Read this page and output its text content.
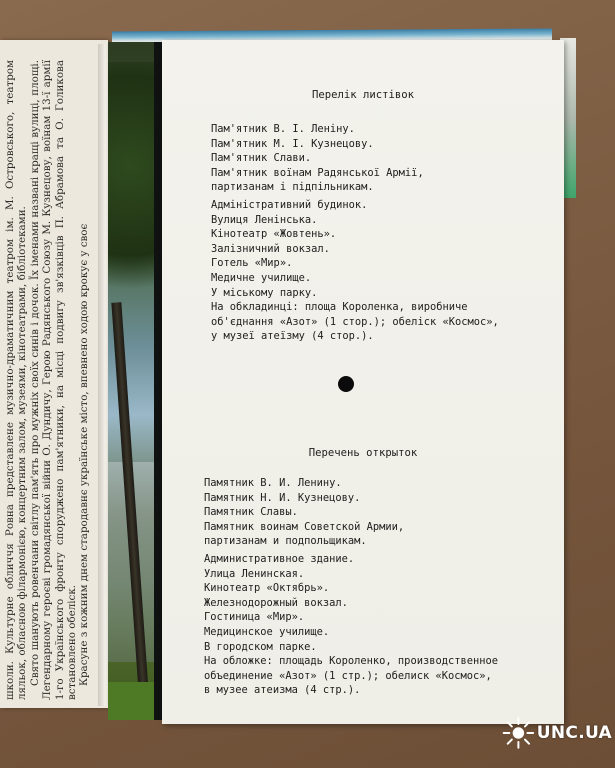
школи. Культурне обличчя Ровна представлене музично-драматичним театром ім. М. Островського, театром ляльок, обласною філармонією, концертним залом, музеями, кінотеатрами, бібліотеками. Свято шанують ровенчани світлу пам'ять про мужніх своїх синів і дочок. Їх іменами названі кращі вулиці, площі. Легендарному героєві громадянської війни О. Дундичу, Герою Радянського Союзу М. Кузнецову, воїнам 13-ї армії 1-го Українського фронту споруджено пам'ятники, на місці подвигу зв'язківців П. Абрамова та О. Голикова встановлено обеліск. Красуне з кожним днем стародавнє українське місто, впевнено ходою крокує у своє

Перелік листівок
Пам'ятник В. І. Леніну.
Пам'ятник М. І. Кузнецову.
Пам'ятник Слави.
Пам'ятник воїнам Радянської Армії,
партизанам і підпільникам.
Адміністративний будинок.
Вулиця Ленінська.
Кінотеатр «Жовтень».
Залізничний вокзал.
Готель «Мир».
Медичне училище.
У міському парку.
На обкладинці: площа Короленка, виробниче
об'єднання «Азот» (1 стор.); обеліск «Космос»,
у музеї атеїзму (4 стор.).
Перечень открыток
Памятник В. И. Ленину.
Памятник Н. И. Кузнецову.
Памятник Славы.
Памятник воинам Советской Армии,
партизанам и подпольщикам.
Административное здание.
Улица Ленинская.
Кинотеатр «Октябрь».
Железнодорожный вокзал.
Гостиница «Мир».
Медицинское училище.
В городском парке.
На обложке: площадь Короленко, производственное
объединение «Азот» (1 стр.); обелиск «Космос»,
в музее атеизма (4 стр.).
UNC.UA
